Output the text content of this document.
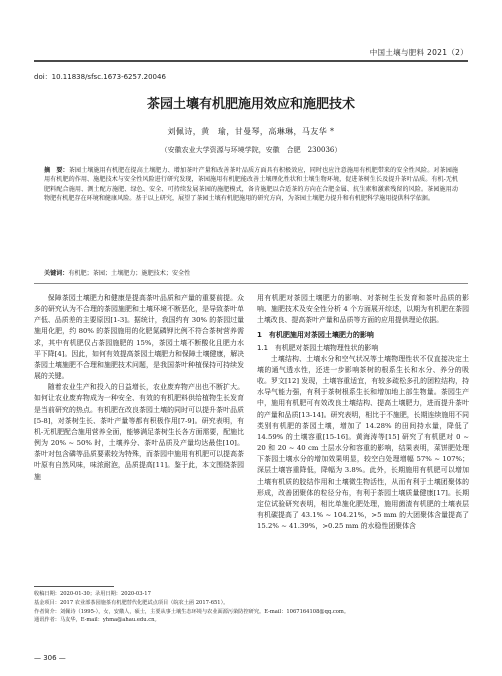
中国土壤与肥料 2021（2）
doi：10.11838/sfsc.1673-6257.20046
茶园土壤有机肥施用效应和施肥技术
刘佩诗，黄　瑜，甘曼琴，高琳琳，马友华 *
（安徽农业大学资源与环境学院，安徽　合肥　230036）
摘　要：茶园土壤施用有机肥在提高土壤肥力、增加茶叶产量和改善茶叶品质方面具有积极效应，同时也应注意施用有机肥带来的安全性风险。对茶园施用有机肥的作用、施肥技术与安全性风险进行研究发现，茶园施用有机肥能改善土壤理化性状和土壤生物环境，促进茶树生长及提升茶叶品质。有机-无机肥料配合施用、测土配方施肥、绿色、安全、可持续发展茶园的施肥模式，备肯施肥以合适茶的方向在合肥金属、抗生素和激素残留的风险。茶园施用动物肥有机肥存在环境和健康风险。基于以上研究，展望了茶园土壤有机肥施用的研究方向，为茶园土壤肥力提升和有机肥科学施用提供科学依据。
关键词：有机肥；茶园；土壤肥力；施肥技术；安全性

保障茶园土壤肥力和健康是提高茶叶品质和产量的重要前提。众多的研究认为不合理的茶园施肥和土壤环境不断恶化，是导致茶叶单产低、品质差的主要原因[1-3]。据统计，我国约有 30% 的茶园过量施用化肥，约 80% 的茶园施用的化肥氮磷钾比例不符合茶树营养需求，其中有机肥仅占茶园施肥的 15%，茶园土壤不断酸化且肥力水平下降[4]。因此，如何有效提高茶园土壤肥力和保障土壤健康，解决茶园土壤施肥不合理和施肥技术问题，是我国茶叶种植保持可持续发展的关键。

随着农业生产和投入的日益增长，农业废弃物产出也不断扩大。如何让农业废弃物成为一种安全、有效的有机肥料供给植物生长发育是当前研究的热点。有机肥在改良茶园土壤的同时可以提升茶叶品质[5-8]，对茶树生长、茶叶产量等都有积极作用[7-9]。研究表明，有机-无机肥配合施用营养全面，能够满足茶树生长各方面需要，配施比例为 20% ~ 50% 时，土壤养分、茶叶品质及产量均达最佳[10]。茶叶对包含磷等品质要素较为特殊，而茶园中施用有机肥可以提高茶叶原有自然风味，味浓耐泡，品质提高[11]。鉴于此，本文围绕茶园施

用有机肥对茶园土壤肥力的影响、对茶树生长发育和茶叶品质的影响、施肥技术及安全性分析 4 个方面展开综述，以期为有机肥在茶园土壤改良、提高茶叶产量和品质等方面的应用提供理论依据。

1　有机肥施用对茶园土壤肥力的影响
1.1　有机肥对茶园土壤物理性状的影响

土壤结构、土壤水分和空气状况等土壤物理性状不仅直接决定土壤的通气透水性，还进一步影响茶树的根系生长和水分、养分的吸收。罗文[12] 发现，土壤容重适宜，有较多疏松多孔的团粒结构，持水导气能力强，有利于茶树根系生长和增加地上部生物量。茶园生产中，施用有机肥可有效改良土壤结构、提高土壤肥力，进而提升茶叶的产量和品质[13-14]。研究表明，相比于不施肥，长期连续施用不同类别有机肥的茶园土壤，增加了 14.28% 的田间持水量，降低了 14.59% 的土壤容重[15-16]。黄海涛等[15] 研究了有机肥对 0 ~ 20 和 20 ~ 40 cm 土层水分和容重的影响，结果表明，菜饼肥处理下茶园土壤水分的增加效果明显，较空白处理增幅 57% ~ 107%；深层土壤容重降低，降幅为 3.8%。此外，长期施用有机肥可以增加土壤有机质的胶结作用和土壤微生物活性，从而有利于土壤团聚体的形成，改善团聚体的粒径分布，有利于茶园土壤质量健康[17]。长期定位试验研究表明，相比单施化肥处理，施用菌渣有机肥的土壤表层有机碳提高了 43.1% ~ 104.21%，>5 mm 的大团聚体含量提高了 15.2% ~ 41.39%，>0.25 mm 的水稳性团聚体含

收稿日期：2020-01-30；录用日期：2020-03-17
基金项目：2017 农业部茶园施茶有机肥替代化肥试点项目（皖农土函 2017-651）。
作者简介：刘佩诗（1995-），女，安徽人，硕士，主要从事土壤生态环境与农业面源污染防控研究。E-mail：1067164108@qq.com。
通讯作者：马友华，E-mail：yhma@ahau.edu.cn。
— 306 —
